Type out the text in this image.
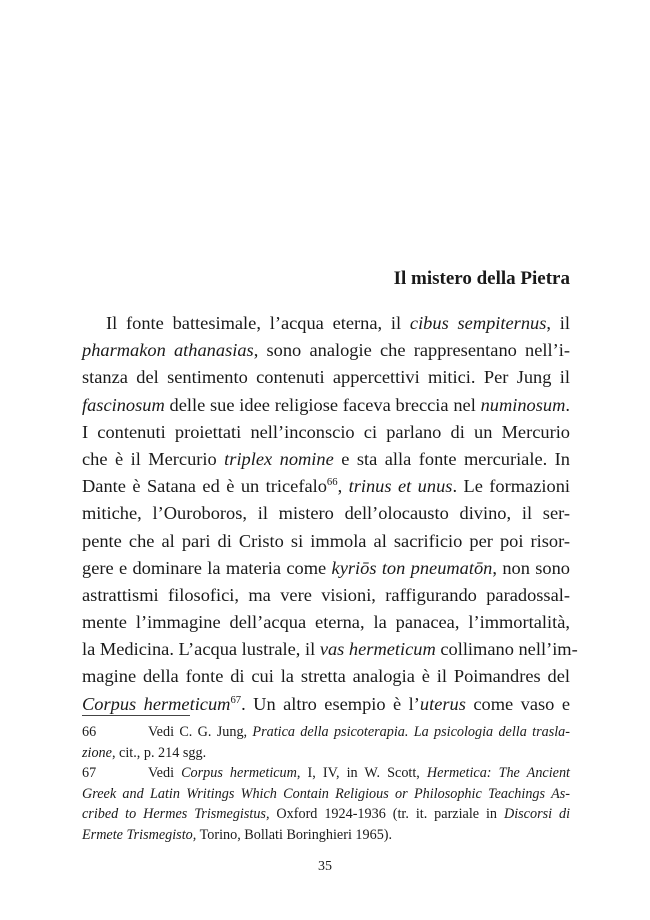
Il mistero della Pietra
Il fonte battesimale, l’acqua eterna, il cibus sempiternus, il
pharmakon athanasias, sono analogie che rappresentano nell’i-
stanza del sentimento contenuti appercettivi mitici. Per Jung il
fascinosum delle sue idee religiose faceva breccia nel numinosum.
I contenuti proiettati nell’inconscio ci parlano di un Mercurio
che è il Mercurio triplex nomine e sta alla fonte mercuriale. In
Dante è Satana ed è un tricefalo$^{66}$, trinus et unus. Le formazioni
mitiche, l’Ouroboros, il mistero dell’olocausto divino, il ser-
pente che al pari di Cristo si immola al sacrificio per poi risor-
gere e dominare la materia come kyriōs ton pneumatōn, non sono
astrattismi filosofici, ma vere visioni, raffigurando paradossal-
mente l’immagine dell’acqua eterna, la panacea, l’immortalità,
la Medicina. L’acqua lustrale, il vas hermeticum collimano nell’im-
magine della fonte di cui la stretta analogia è il Poimandres del
Corpus hermeticum$^{67}$. Un altro esempio è l’uterus come vaso e
66	Vedi C. G. Jung, Pratica della psicoterapia. La psicologia della trasla-
zione, cit., p. 214 sgg.
67	Vedi Corpus hermeticum, I, IV, in W. Scott, Hermetica: The Ancient
Greek and Latin Writings Which Contain Religious or Philosophic Teachings As-
cribed to Hermes Trismegistus, Oxford 1924-1936 (tr. it. parziale in Discorsi di
Ermete Trismegisto, Torino, Bollati Boringhieri 1965).
35
